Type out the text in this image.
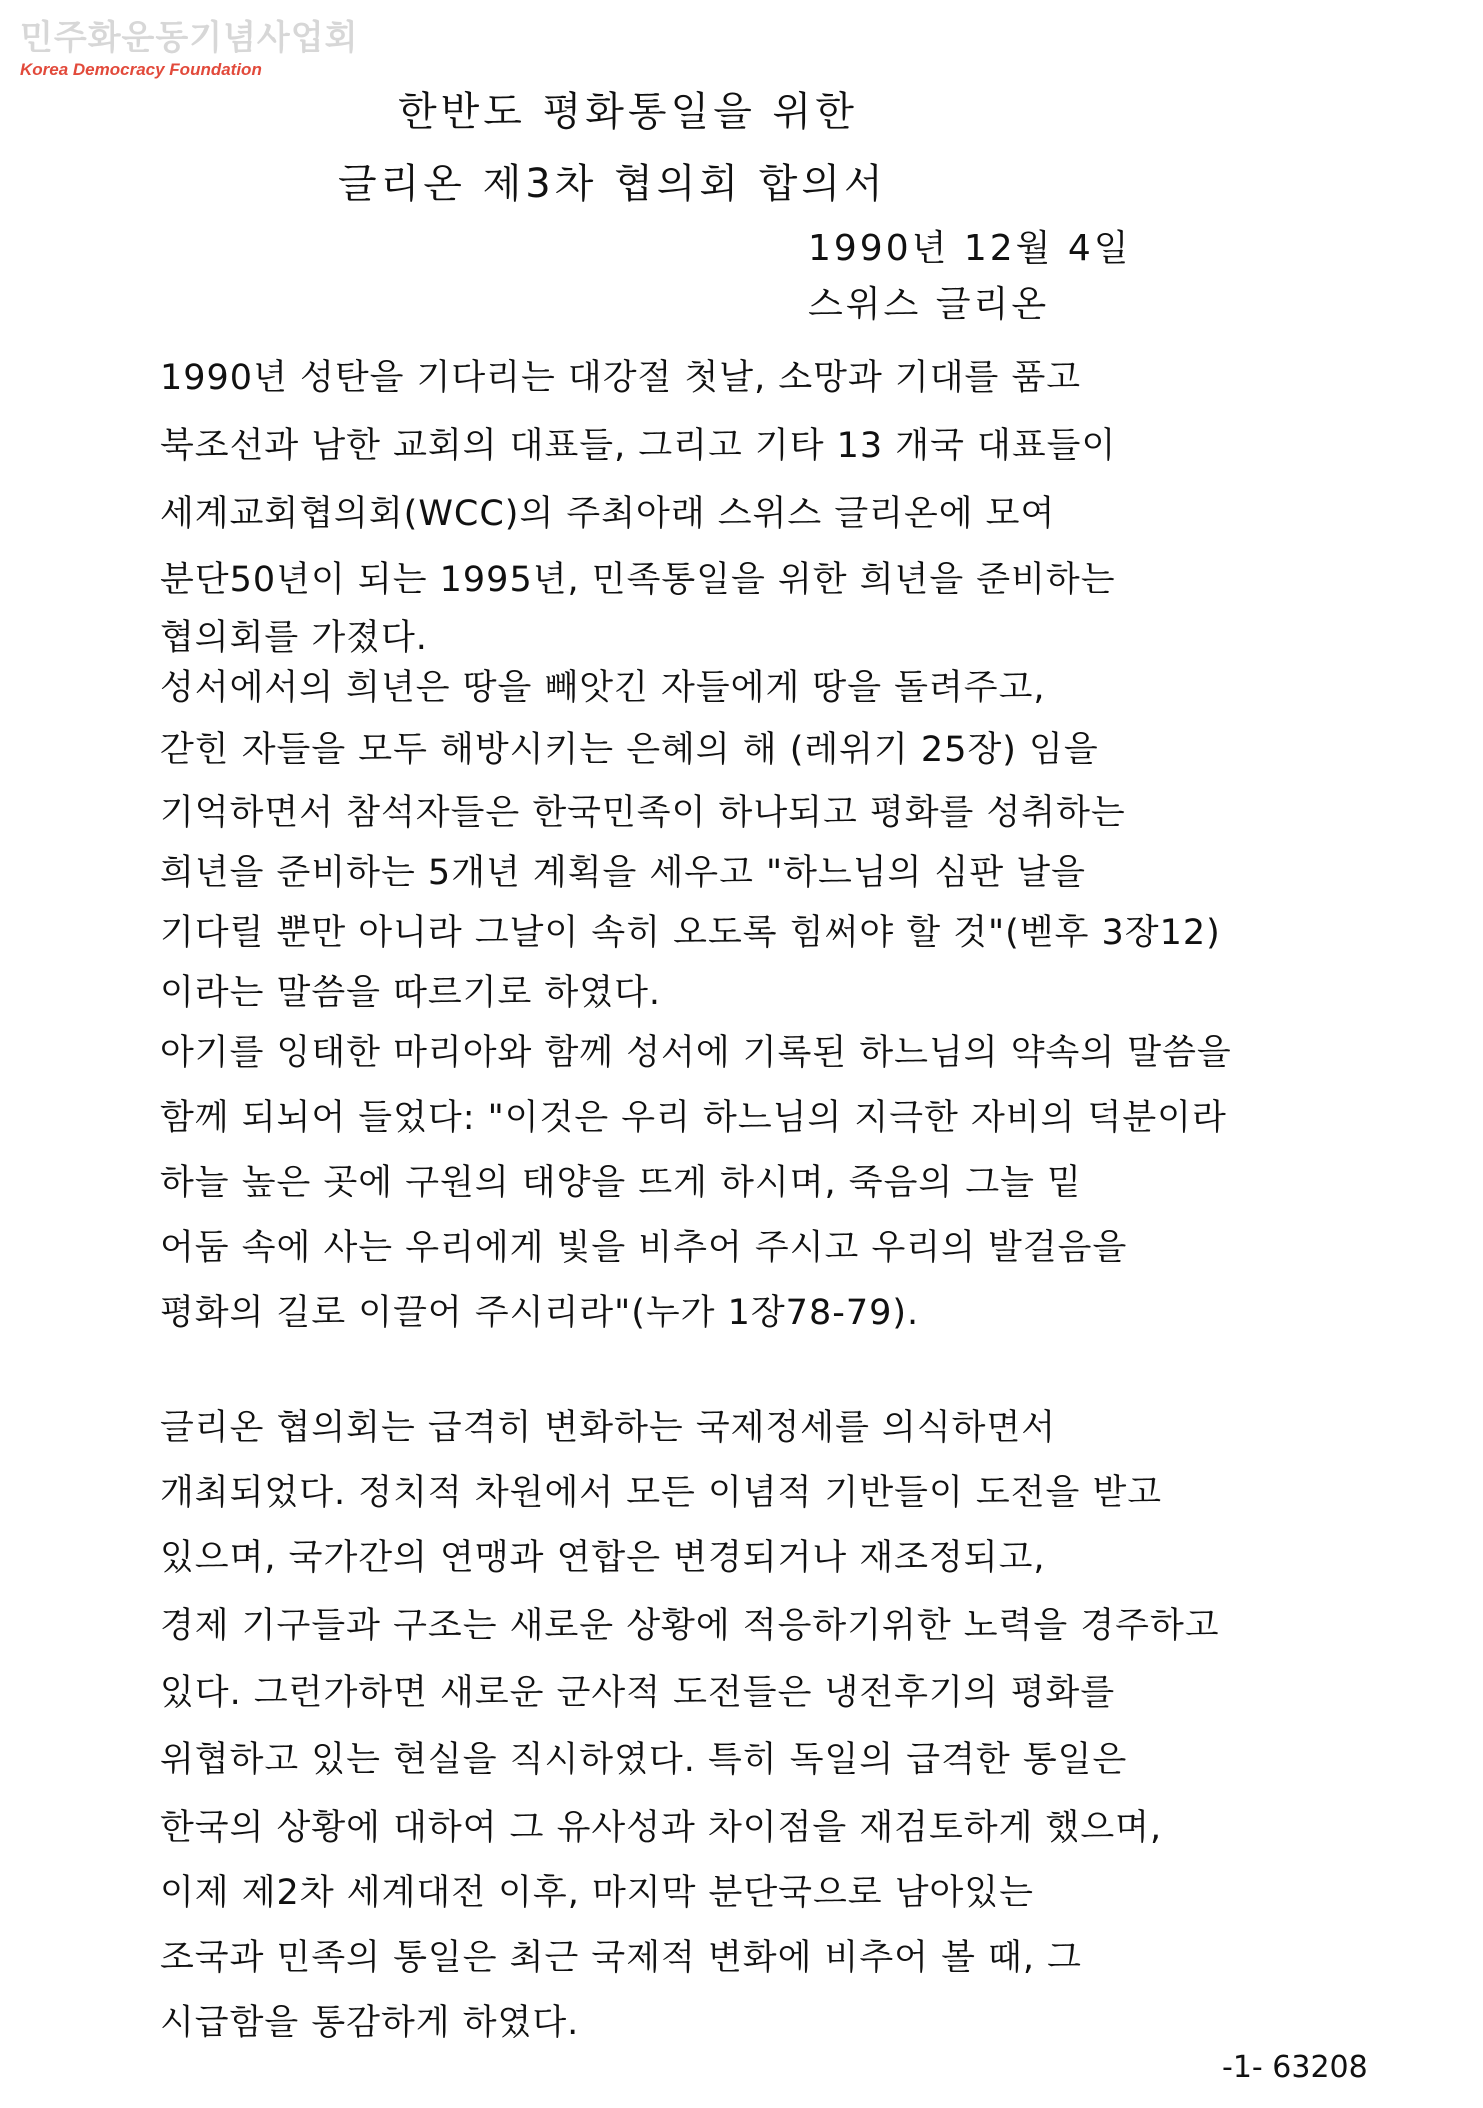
민주화운동기념사업회
Korea Democracy Foundation
한반도 평화통일을 위한
글리온 제3차 협의회 합의서
1990년 12월 4일
스위스 글리온
1990년 성탄을 기다리는 대강절 첫날, 소망과 기대를 품고
북조선과 남한 교회의 대표들, 그리고 기타 13 개국 대표들이
세계교회협의회(WCC)의 주최아래 스위스 글리온에 모여
분단50년이 되는 1995년, 민족통일을 위한 희년을 준비하는
협의회를 가졌다.
성서에서의 희년은 땅을 빼앗긴 자들에게 땅을 돌려주고,
갇힌 자들을 모두 해방시키는 은혜의 해 (레위기 25장) 임을
기억하면서 참석자들은 한국민족이 하나되고 평화를 성취하는
희년을 준비하는 5개년 계획을 세우고 "하느님의 심판 날을
기다릴 뿐만 아니라 그날이 속히 오도록 힘써야 할 것"(벧후 3장12)
이라는 말씀을 따르기로 하였다.
아기를 잉태한 마리아와 함께 성서에 기록된 하느님의 약속의 말씀을
함께 되뇌어 들었다: "이것은 우리 하느님의 지극한 자비의 덕분이라
하늘 높은 곳에 구원의 태양을 뜨게 하시며, 죽음의 그늘 밑
어둠 속에 사는 우리에게 빛을 비추어 주시고 우리의 발걸음을
평화의 길로 이끌어 주시리라"(누가 1장78-79).
글리온 협의회는 급격히 변화하는 국제정세를 의식하면서
개최되었다. 정치적 차원에서 모든 이념적 기반들이 도전을 받고
있으며, 국가간의 연맹과 연합은 변경되거나 재조정되고,
경제 기구들과 구조는 새로운 상황에 적응하기위한 노력을 경주하고
있다. 그런가하면 새로운 군사적 도전들은 냉전후기의 평화를
위협하고 있는 현실을 직시하였다. 특히 독일의 급격한 통일은
한국의 상황에 대하여 그 유사성과 차이점을 재검토하게 했으며,
이제 제2차 세계대전 이후, 마지막 분단국으로 남아있는
조국과 민족의 통일은 최근 국제적 변화에 비추어 볼 때, 그
시급함을 통감하게 하였다.
-1- 63208
